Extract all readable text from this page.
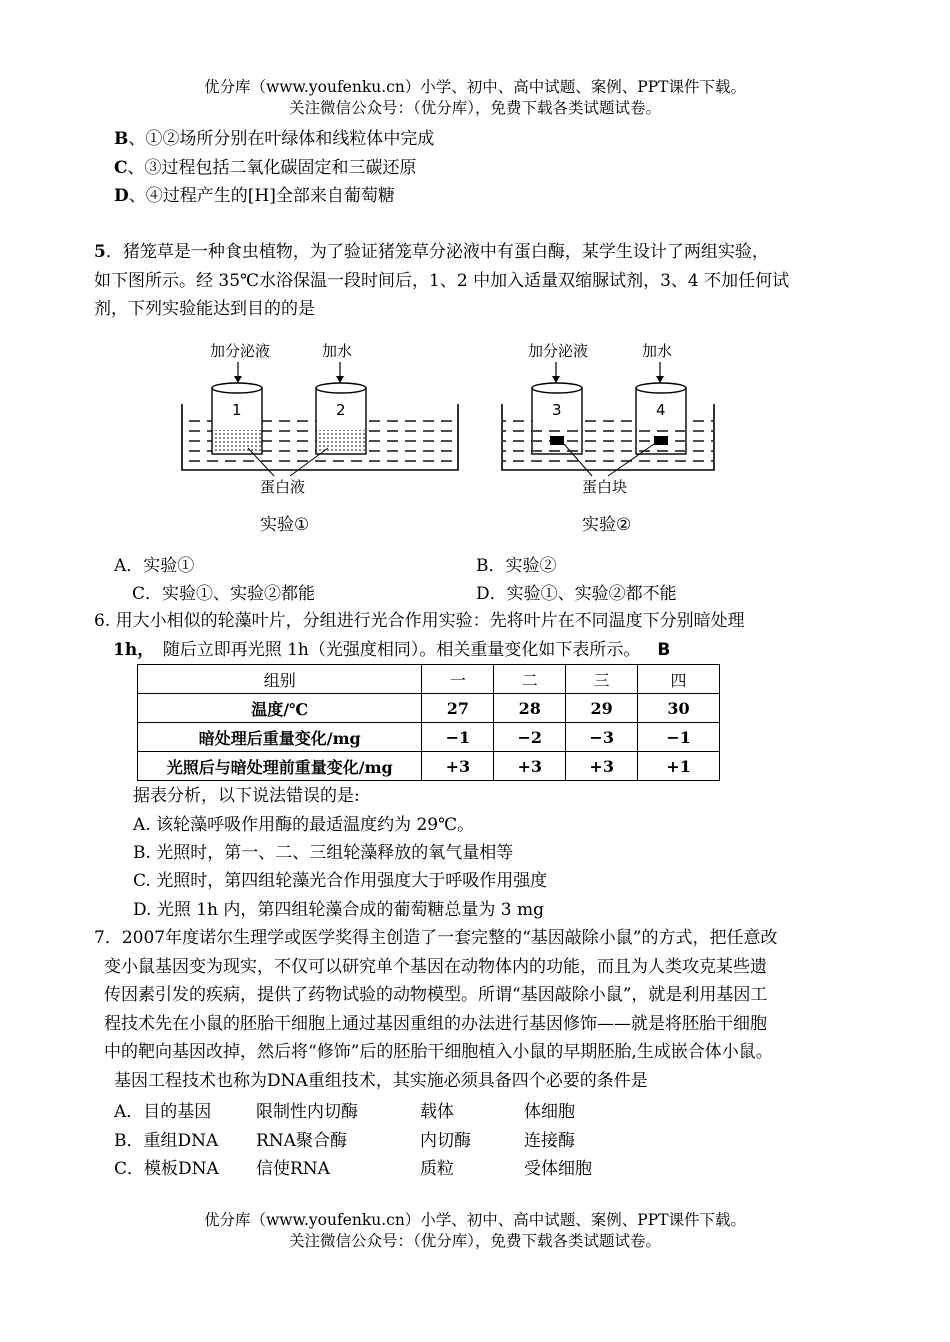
优分库（www.youfenku.cn）小学、初中、高中试题、案例、PPT课件下载。
关注微信公众号：（优分库），免费下载各类试题试卷。
B、①②场所分别在叶绿体和线粒体中完成
C、③过程包括二氧化碳固定和三碳还原
D、④过程产生的[H]全部来自葡萄糖
5．猪笼草是一种食虫植物，为了验证猪笼草分泌液中有蛋白酶，某学生设计了两组实验，
如下图所示。经 35℃水浴保温一段时间后，1、2 中加入适量双缩脲试剂，3、4 不加任何试
剂，下列实验能达到目的的是
加分泌液	加水
1	2
蛋白液
实验①
加分泌液	加水
3	4
蛋白块
实验②
A．实验①	B．实验②
C．实验①、实验②都能	D．实验①、实验②都不能
6. 用大小相似的轮藻叶片，分组进行光合作用实验：先将叶片在不同温度下分别暗处理
1h，  随后立即再光照 1h（光强度相同）。相关重量变化如下表所示。  B
组别	一	二	三	四
温度/℃	27	28	29	30
暗处理后重量变化/mg	−1	−2	−3	−1
光照后与暗处理前重量变化/mg	+3	+3	+3	+1
据表分析，以下说法错误的是:
A. 该轮藻呼吸作用酶的最适温度约为 29℃。
B. 光照时，第一、二、三组轮藻释放的氧气量相等
C. 光照时，第四组轮藻光合作用强度大于呼吸作用强度
D. 光照 1h 内，第四组轮藻合成的葡萄糖总量为 3 mg
7．2007年度诺尔生理学或医学奖得主创造了一套完整的“基因敲除小鼠”的方式，把任意改
变小鼠基因变为现实，不仅可以研究单个基因在动物体内的功能，而且为人类攻克某些遗
传因素引发的疾病，提供了药物试验的动物模型。所谓“基因敲除小鼠”，就是利用基因工
程技术先在小鼠的胚胎干细胞上通过基因重组的办法进行基因修饰——就是将胚胎干细胞
中的靶向基因改掉，然后将“修饰”后的胚胎干细胞植入小鼠的早期胚胎,生成嵌合体小鼠。
基因工程技术也称为DNA重组技术，其实施必须具备四个必要的条件是
A．目的基因	限制性内切酶	载体	体细胞
B．重组DNA RNA聚合酶	内切酶	连接酶
C．模板DNA 信使RNA	质粒	受体细胞
优分库（www.youfenku.cn）小学、初中、高中试题、案例、PPT课件下载。
关注微信公众号：（优分库），免费下载各类试题试卷。
